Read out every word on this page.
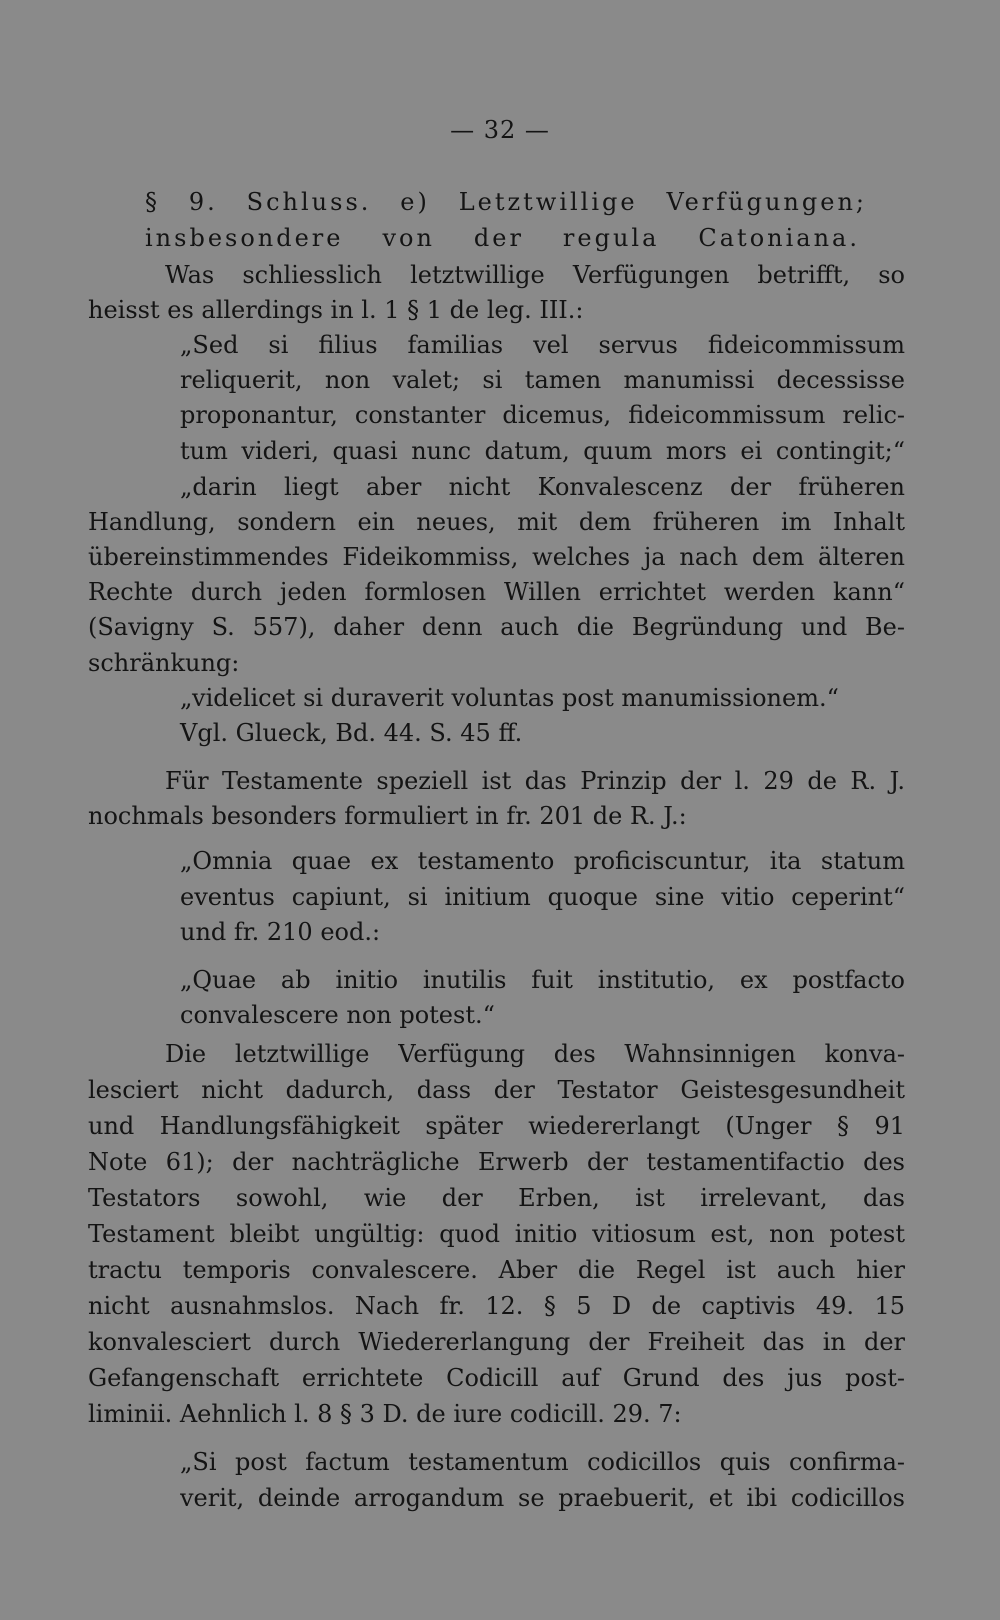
— 32 —
§ 9. Schluss. e) Letztwillige Verfügungen;
insbesondere von der regula Catoniana.
Was schliesslich letztwillige Verfügungen betrifft, so
heisst es allerdings in l. 1 § 1 de leg. III.:
„Sed si filius familias vel servus fideicommissum
reliquerit, non valet; si tamen manumissi decessisse
proponantur, constanter dicemus, fideicommissum relic-
tum videri, quasi nunc datum, quum mors ei contingit;“
„darin liegt aber nicht Konvalescenz der früheren
Handlung, sondern ein neues, mit dem früheren im Inhalt
übereinstimmendes Fideikommiss, welches ja nach dem älteren
Rechte durch jeden formlosen Willen errichtet werden kann“
(Savigny S. 557), daher denn auch die Begründung und Be-
schränkung:
„videlicet si duraverit voluntas post manumissionem.“
Vgl. Glueck, Bd. 44. S. 45 ff.
Für Testamente speziell ist das Prinzip der l. 29 de R. J.
nochmals besonders formuliert in fr. 201 de R. J.:
„Omnia quae ex testamento proficiscuntur, ita statum
eventus capiunt, si initium quoque sine vitio ceperint“
und fr. 210 eod.:
„Quae ab initio inutilis fuit institutio, ex postfacto
convalescere non potest.“
Die letztwillige Verfügung des Wahnsinnigen konva-
lesciert nicht dadurch, dass der Testator Geistesgesundheit
und Handlungsfähigkeit später wiedererlangt (Unger § 91
Note 61); der nachträgliche Erwerb der testamentifactio des
Testators sowohl, wie der Erben, ist irrelevant, das
Testament bleibt ungültig: quod initio vitiosum est, non potest
tractu temporis convalescere. Aber die Regel ist auch hier
nicht ausnahmslos. Nach fr. 12. § 5 D de captivis 49. 15
konvalesciert durch Wiedererlangung der Freiheit das in der
Gefangenschaft errichtete Codicill auf Grund des jus post-
liminii. Aehnlich l. 8 § 3 D. de iure codicill. 29. 7:
„Si post factum testamentum codicillos quis confirma-
verit, deinde arrogandum se praebuerit, et ibi codicillos
